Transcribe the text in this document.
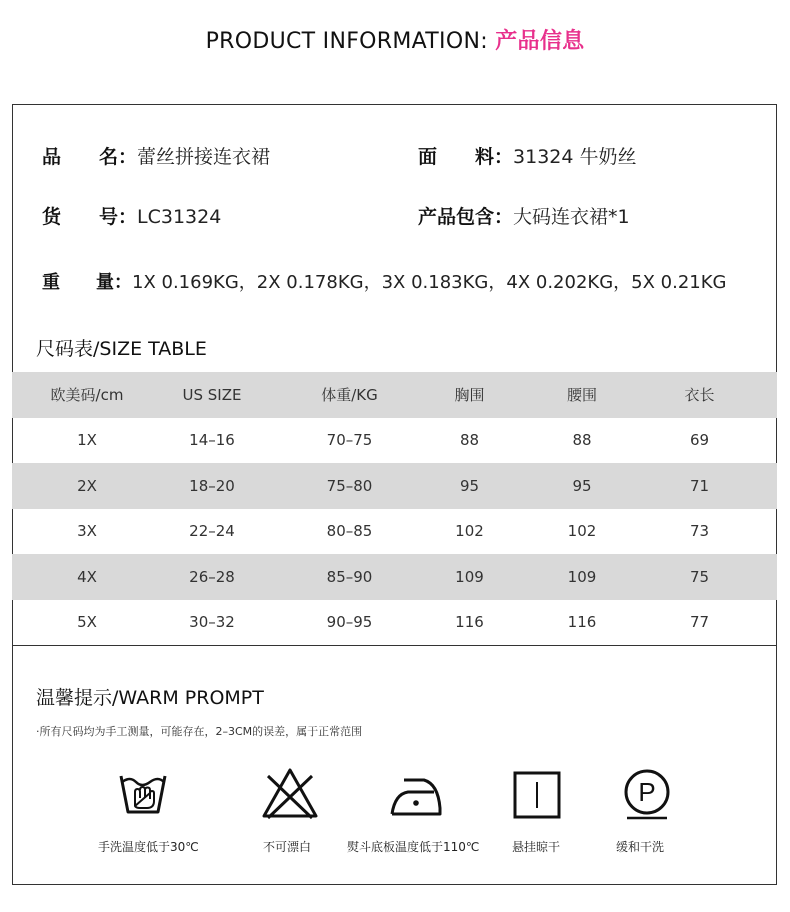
PRODUCT INFORMATION: 产品信息
品　　名：蕾丝拼接连衣裙	面　　料：31324 牛奶丝
货　　号：LC31324	产品包含：大码连衣裙*1
重　　量：1X 0.169KG，2X 0.178KG，3X 0.183KG，4X 0.202KG，5X 0.21KG
尺码表/SIZE TABLE
欧美码/cm	US SIZE	体重/KG	胸围	腰围	衣长
1X	14–16	70–75	88	88	69
2X	18–20	75–80	95	95	71
3X	22–24	80–85	102	102	73
4X	26–28	85–90	109	109	75
5X	30–32	90–95	116	116	77
温馨提示/WARM PROMPT
·所有尺码均为手工测量，可能存在，2–3CM的误差，属于正常范围
P
手洗温度低于30℃	不可漂白	熨斗底板温度低于110℃	悬挂晾干	缓和干洗
